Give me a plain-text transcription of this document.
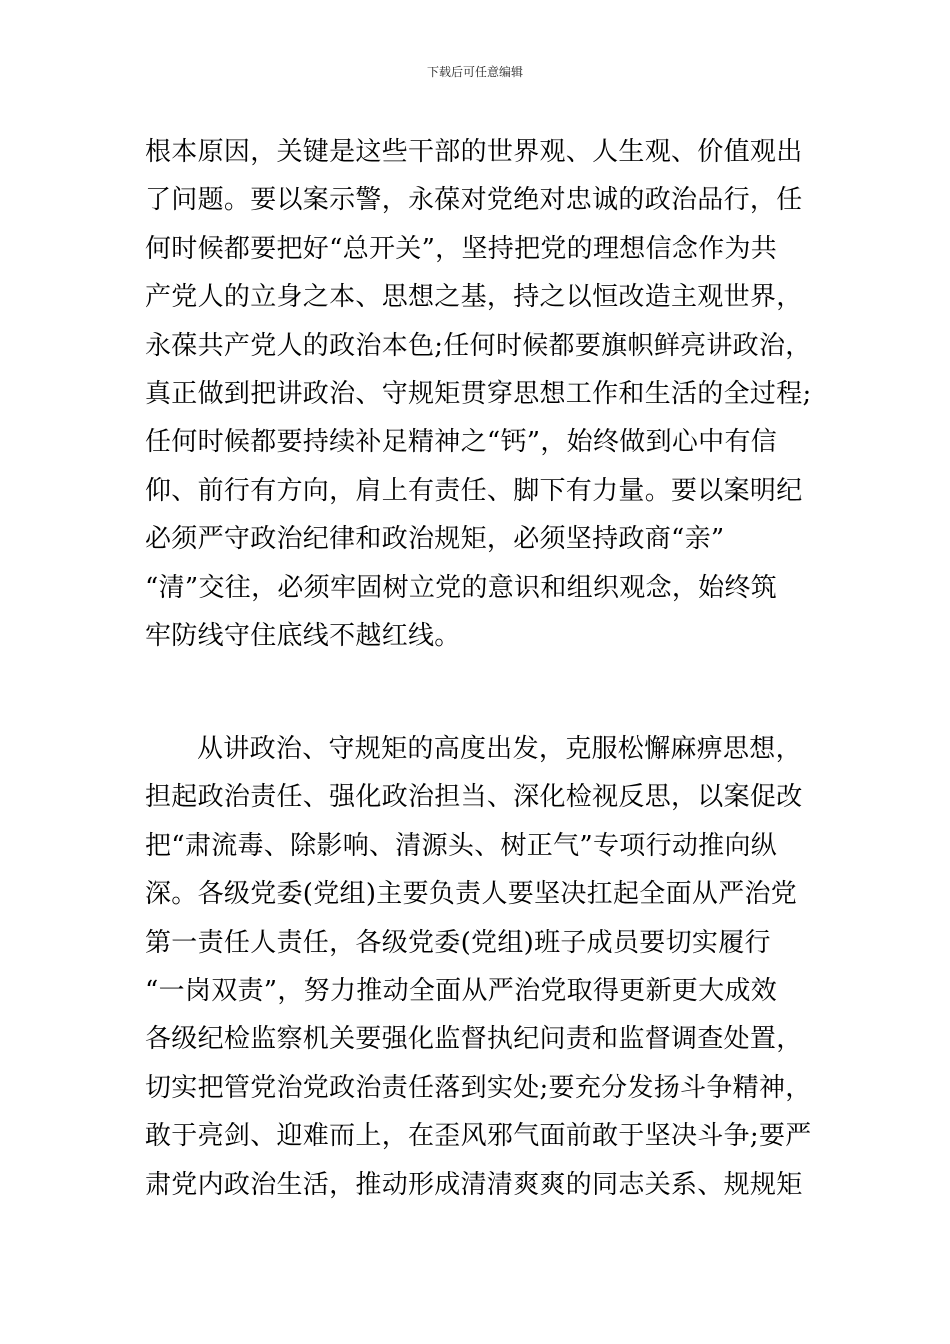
下载后可任意编辑
根本原因，关键是这些干部的世界观、人生观、价值观出
了问题。要以案示警，永葆对党绝对忠诚的政治品行，任
何时候都要把好“总开关”，坚持把党的理想信念作为共
产党人的立身之本、思想之基，持之以恒改造主观世界，
永葆共产党人的政治本色;任何时候都要旗帜鲜亮讲政治，
真正做到把讲政治、守规矩贯穿思想工作和生活的全过程;
任何时候都要持续补足精神之“钙”，始终做到心中有信
仰、前行有方向，肩上有责任、脚下有力量。要以案明纪
必须严守政治纪律和政治规矩，必须坚持政商“亲”
“清”交往，必须牢固树立党的意识和组织观念，始终筑
牢防线守住底线不越红线。
从讲政治、守规矩的高度出发，克服松懈麻痹思想，
担起政治责任、强化政治担当、深化检视反思，以案促改
把“肃流毒、除影响、清源头、树正气”专项行动推向纵
深。各级党委(党组)主要负责人要坚决扛起全面从严治党
第一责任人责任，各级党委(党组)班子成员要切实履行
“一岗双责”，努力推动全面从严治党取得更新更大成效
各级纪检监察机关要强化监督执纪问责和监督调查处置，
切实把管党治党政治责任落到实处;要充分发扬斗争精神，
敢于亮剑、迎难而上，在歪风邪气面前敢于坚决斗争;要严
肃党内政治生活，推动形成清清爽爽的同志关系、规规矩
